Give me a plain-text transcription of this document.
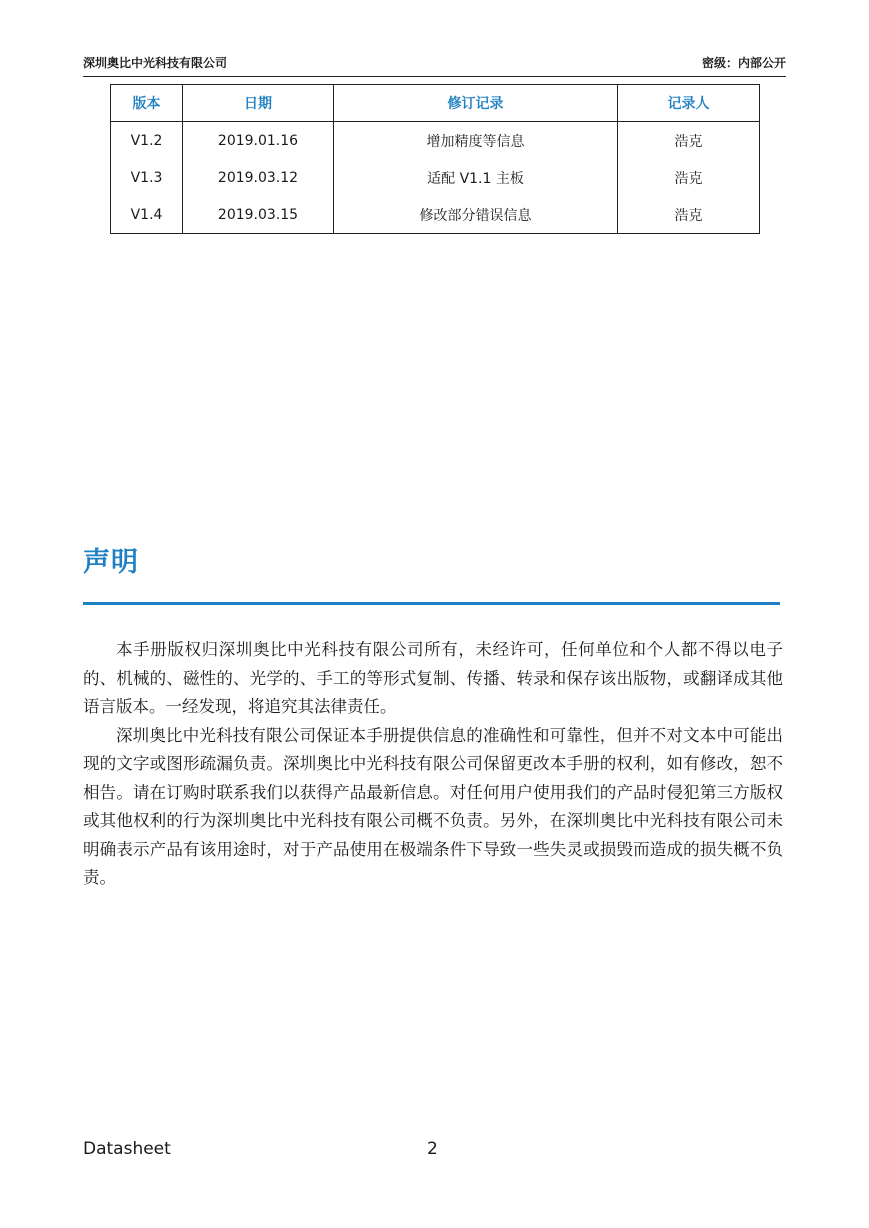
深圳奥比中光科技有限公司	密级：内部公开
版本	日期	修订记录	记录人
V1.2	2019.01.16	增加精度等信息	浩克
V1.3	2019.03.12	适配 V1.1 主板	浩克
V1.4	2019.03.15	修改部分错误信息	浩克
声明

本手册版权归深圳奥比中光科技有限公司所有，未经许可，任何单位和个人都不得以电子的、机械的、磁性的、光学的、手工的等形式复制、传播、转录和保存该出版物，或翻译成其他语言版本。一经发现，将追究其法律责任。

深圳奥比中光科技有限公司保证本手册提供信息的准确性和可靠性，但并不对文本中可能出现的文字或图形疏漏负责。深圳奥比中光科技有限公司保留更改本手册的权利，如有修改，恕不相告。请在订购时联系我们以获得产品最新信息。对任何用户使用我们的产品时侵犯第三方版权或其他权利的行为深圳奥比中光科技有限公司概不负责。另外，在深圳奥比中光科技有限公司未明确表示产品有该用途时，对于产品使用在极端条件下导致一些失灵或损毁而造成的损失概不负责。

Datasheet	2
